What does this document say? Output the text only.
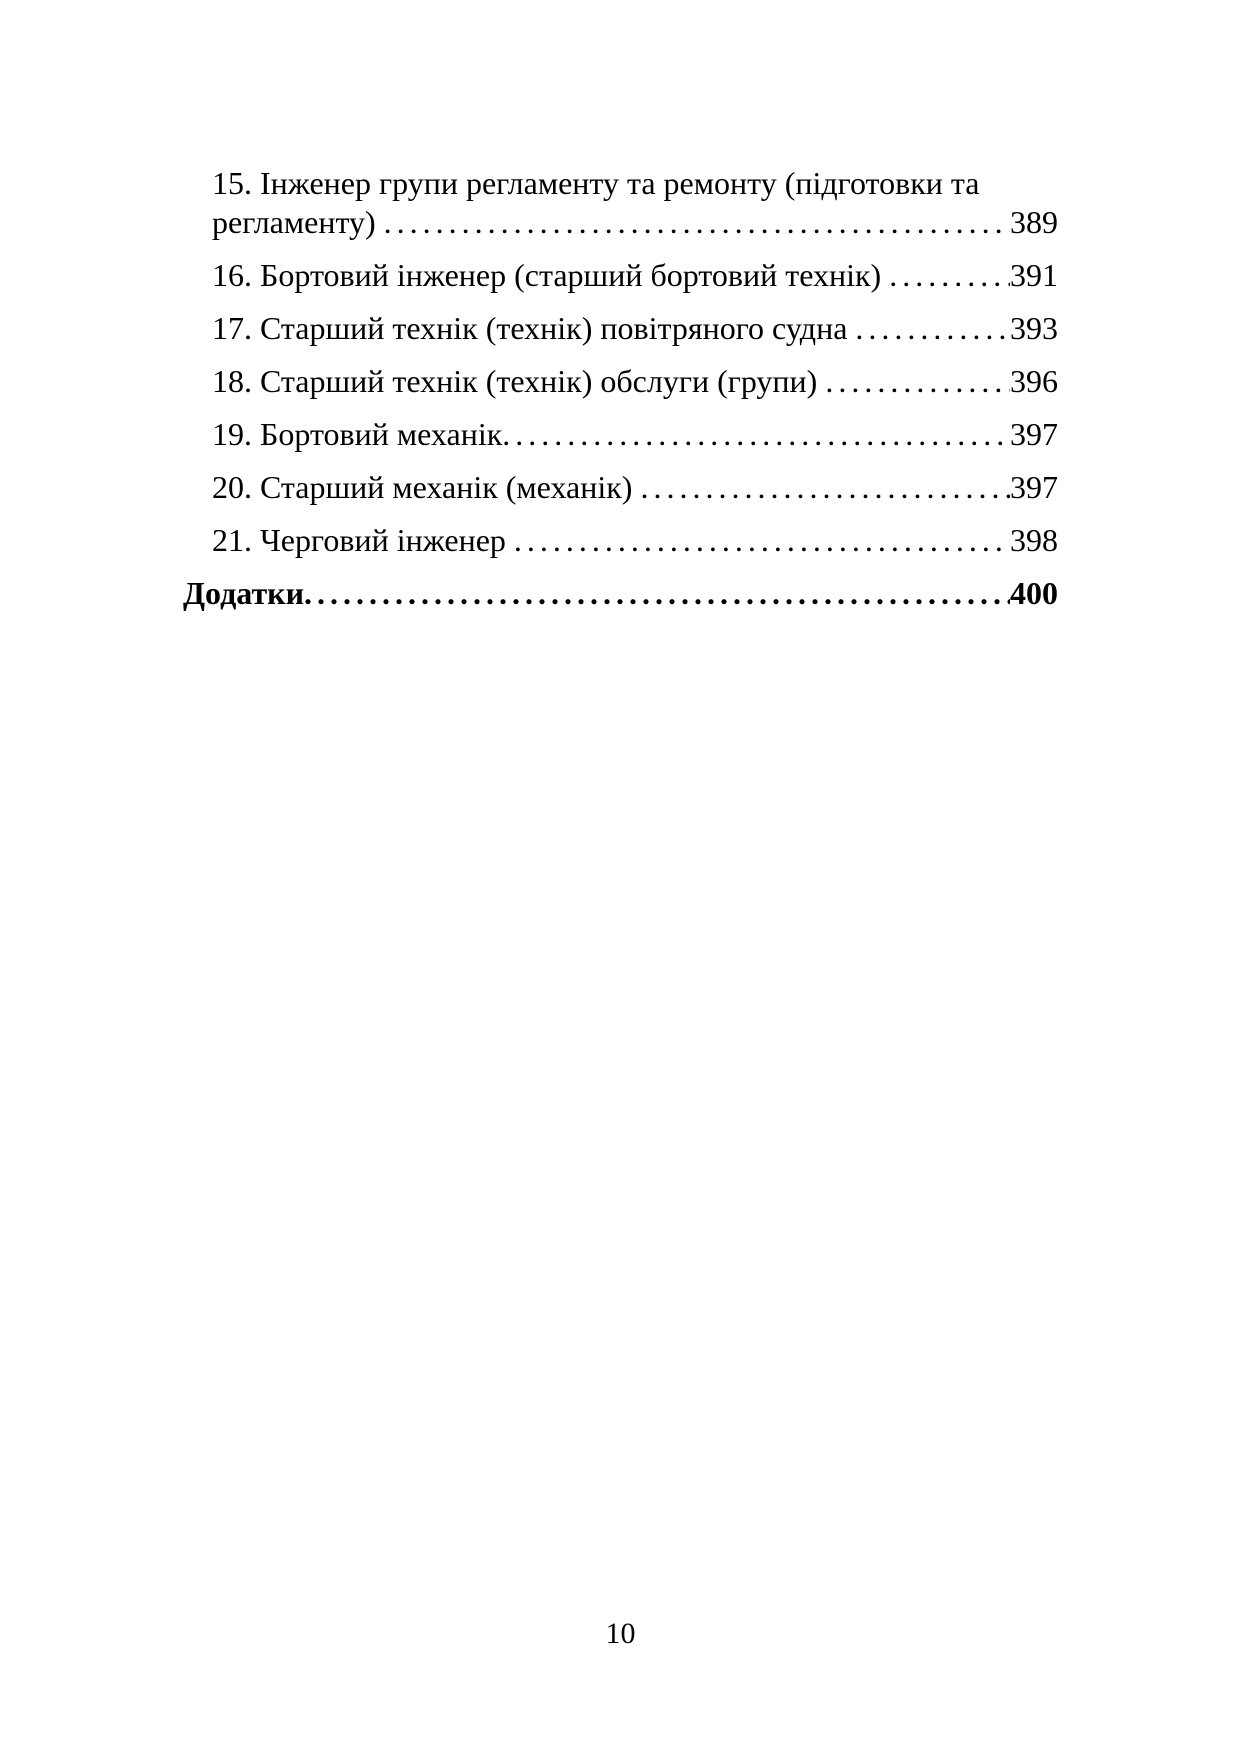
15. Інженер групи регламенту та ремонту (підготовки та
регламенту) .....	389
16. Бортовий інженер (старший бортовий технік) .....	391
17. Старший технік (технік) повітряного судна .....	393
18. Старший технік (технік) обслуги (групи) .....	396
19. Бортовий механік .....	397
20. Старший механік (механік) .....	397
21. Черговий інженер .....	398
Додатки .....	400
10
